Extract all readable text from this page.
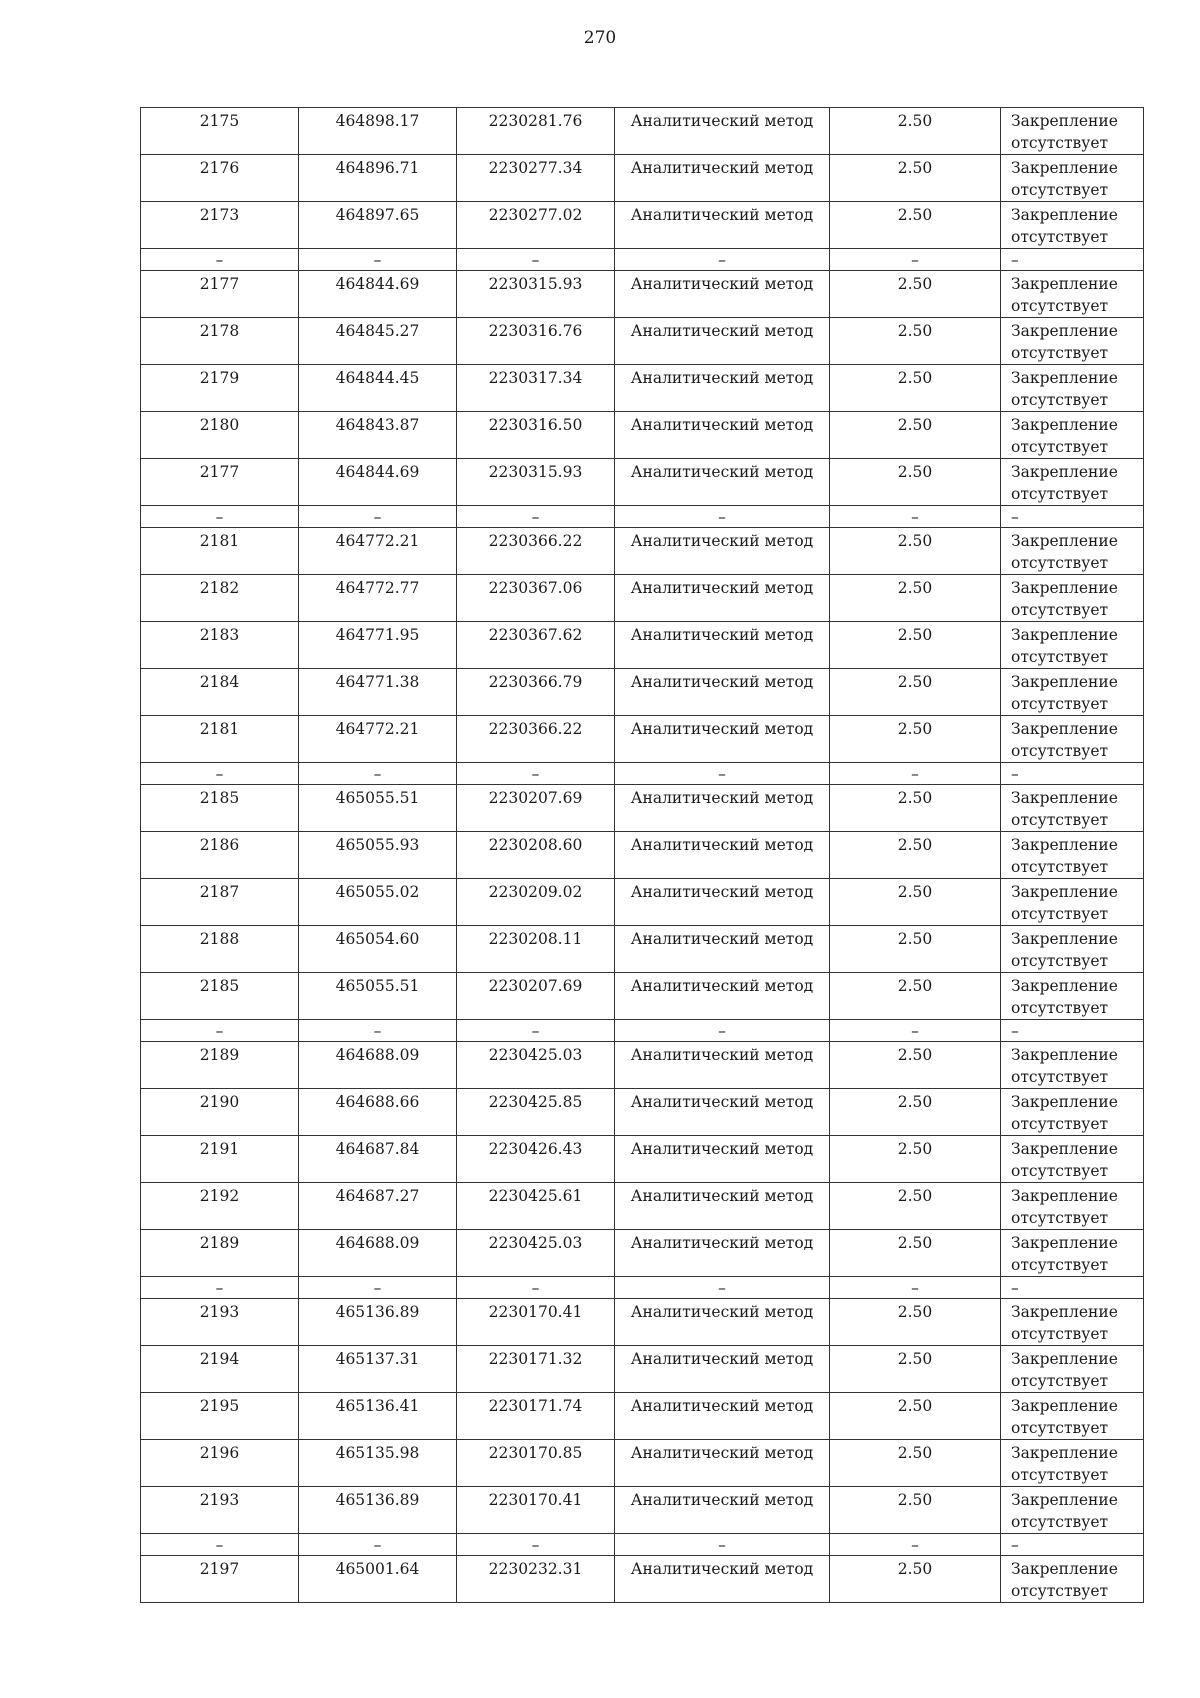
270
2175	464898.17	2230281.76	Аналитический метод	2.50	Закрепление отсутствует
2176	464896.71	2230277.34	Аналитический метод	2.50	Закрепление отсутствует
2173	464897.65	2230277.02	Аналитический метод	2.50	Закрепление отсутствует
–	–	–	–	–	–
2177	464844.69	2230315.93	Аналитический метод	2.50	Закрепление отсутствует
2178	464845.27	2230316.76	Аналитический метод	2.50	Закрепление отсутствует
2179	464844.45	2230317.34	Аналитический метод	2.50	Закрепление отсутствует
2180	464843.87	2230316.50	Аналитический метод	2.50	Закрепление отсутствует
2177	464844.69	2230315.93	Аналитический метод	2.50	Закрепление отсутствует
–	–	–	–	–	–
2181	464772.21	2230366.22	Аналитический метод	2.50	Закрепление отсутствует
2182	464772.77	2230367.06	Аналитический метод	2.50	Закрепление отсутствует
2183	464771.95	2230367.62	Аналитический метод	2.50	Закрепление отсутствует
2184	464771.38	2230366.79	Аналитический метод	2.50	Закрепление отсутствует
2181	464772.21	2230366.22	Аналитический метод	2.50	Закрепление отсутствует
–	–	–	–	–	–
2185	465055.51	2230207.69	Аналитический метод	2.50	Закрепление отсутствует
2186	465055.93	2230208.60	Аналитический метод	2.50	Закрепление отсутствует
2187	465055.02	2230209.02	Аналитический метод	2.50	Закрепление отсутствует
2188	465054.60	2230208.11	Аналитический метод	2.50	Закрепление отсутствует
2185	465055.51	2230207.69	Аналитический метод	2.50	Закрепление отсутствует
–	–	–	–	–	–
2189	464688.09	2230425.03	Аналитический метод	2.50	Закрепление отсутствует
2190	464688.66	2230425.85	Аналитический метод	2.50	Закрепление отсутствует
2191	464687.84	2230426.43	Аналитический метод	2.50	Закрепление отсутствует
2192	464687.27	2230425.61	Аналитический метод	2.50	Закрепление отсутствует
2189	464688.09	2230425.03	Аналитический метод	2.50	Закрепление отсутствует
–	–	–	–	–	–
2193	465136.89	2230170.41	Аналитический метод	2.50	Закрепление отсутствует
2194	465137.31	2230171.32	Аналитический метод	2.50	Закрепление отсутствует
2195	465136.41	2230171.74	Аналитический метод	2.50	Закрепление отсутствует
2196	465135.98	2230170.85	Аналитический метод	2.50	Закрепление отсутствует
2193	465136.89	2230170.41	Аналитический метод	2.50	Закрепление отсутствует
–	–	–	–	–	–
2197	465001.64	2230232.31	Аналитический метод	2.50	Закрепление отсутствует
